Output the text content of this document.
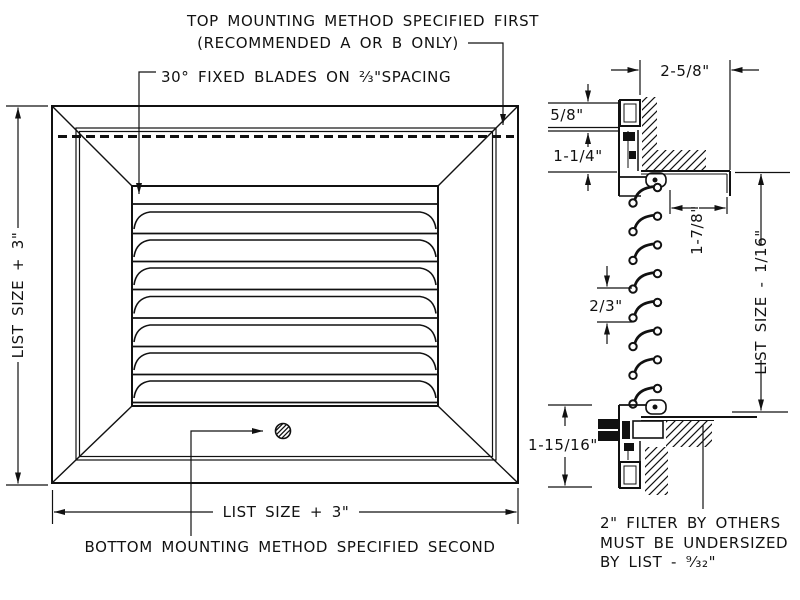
LIST SIZE + 3"
LIST SIZE + 3"
TOP MOUNTING METHOD SPECIFIED FIRST
(RECOMMENDED A OR B ONLY)
30° FIXED BLADES ON ⅔"SPACING
BOTTOM MOUNTING METHOD SPECIFIED SECOND
2" FILTER BY OTHERS
MUST BE UNDERSIZED
BY LIST - ⁹⁄₃₂"
2-5/8"
5/8"
1-1/4"
1-7/8"
2/3"	LIST SIZE - 1/16"
1-15/16"
